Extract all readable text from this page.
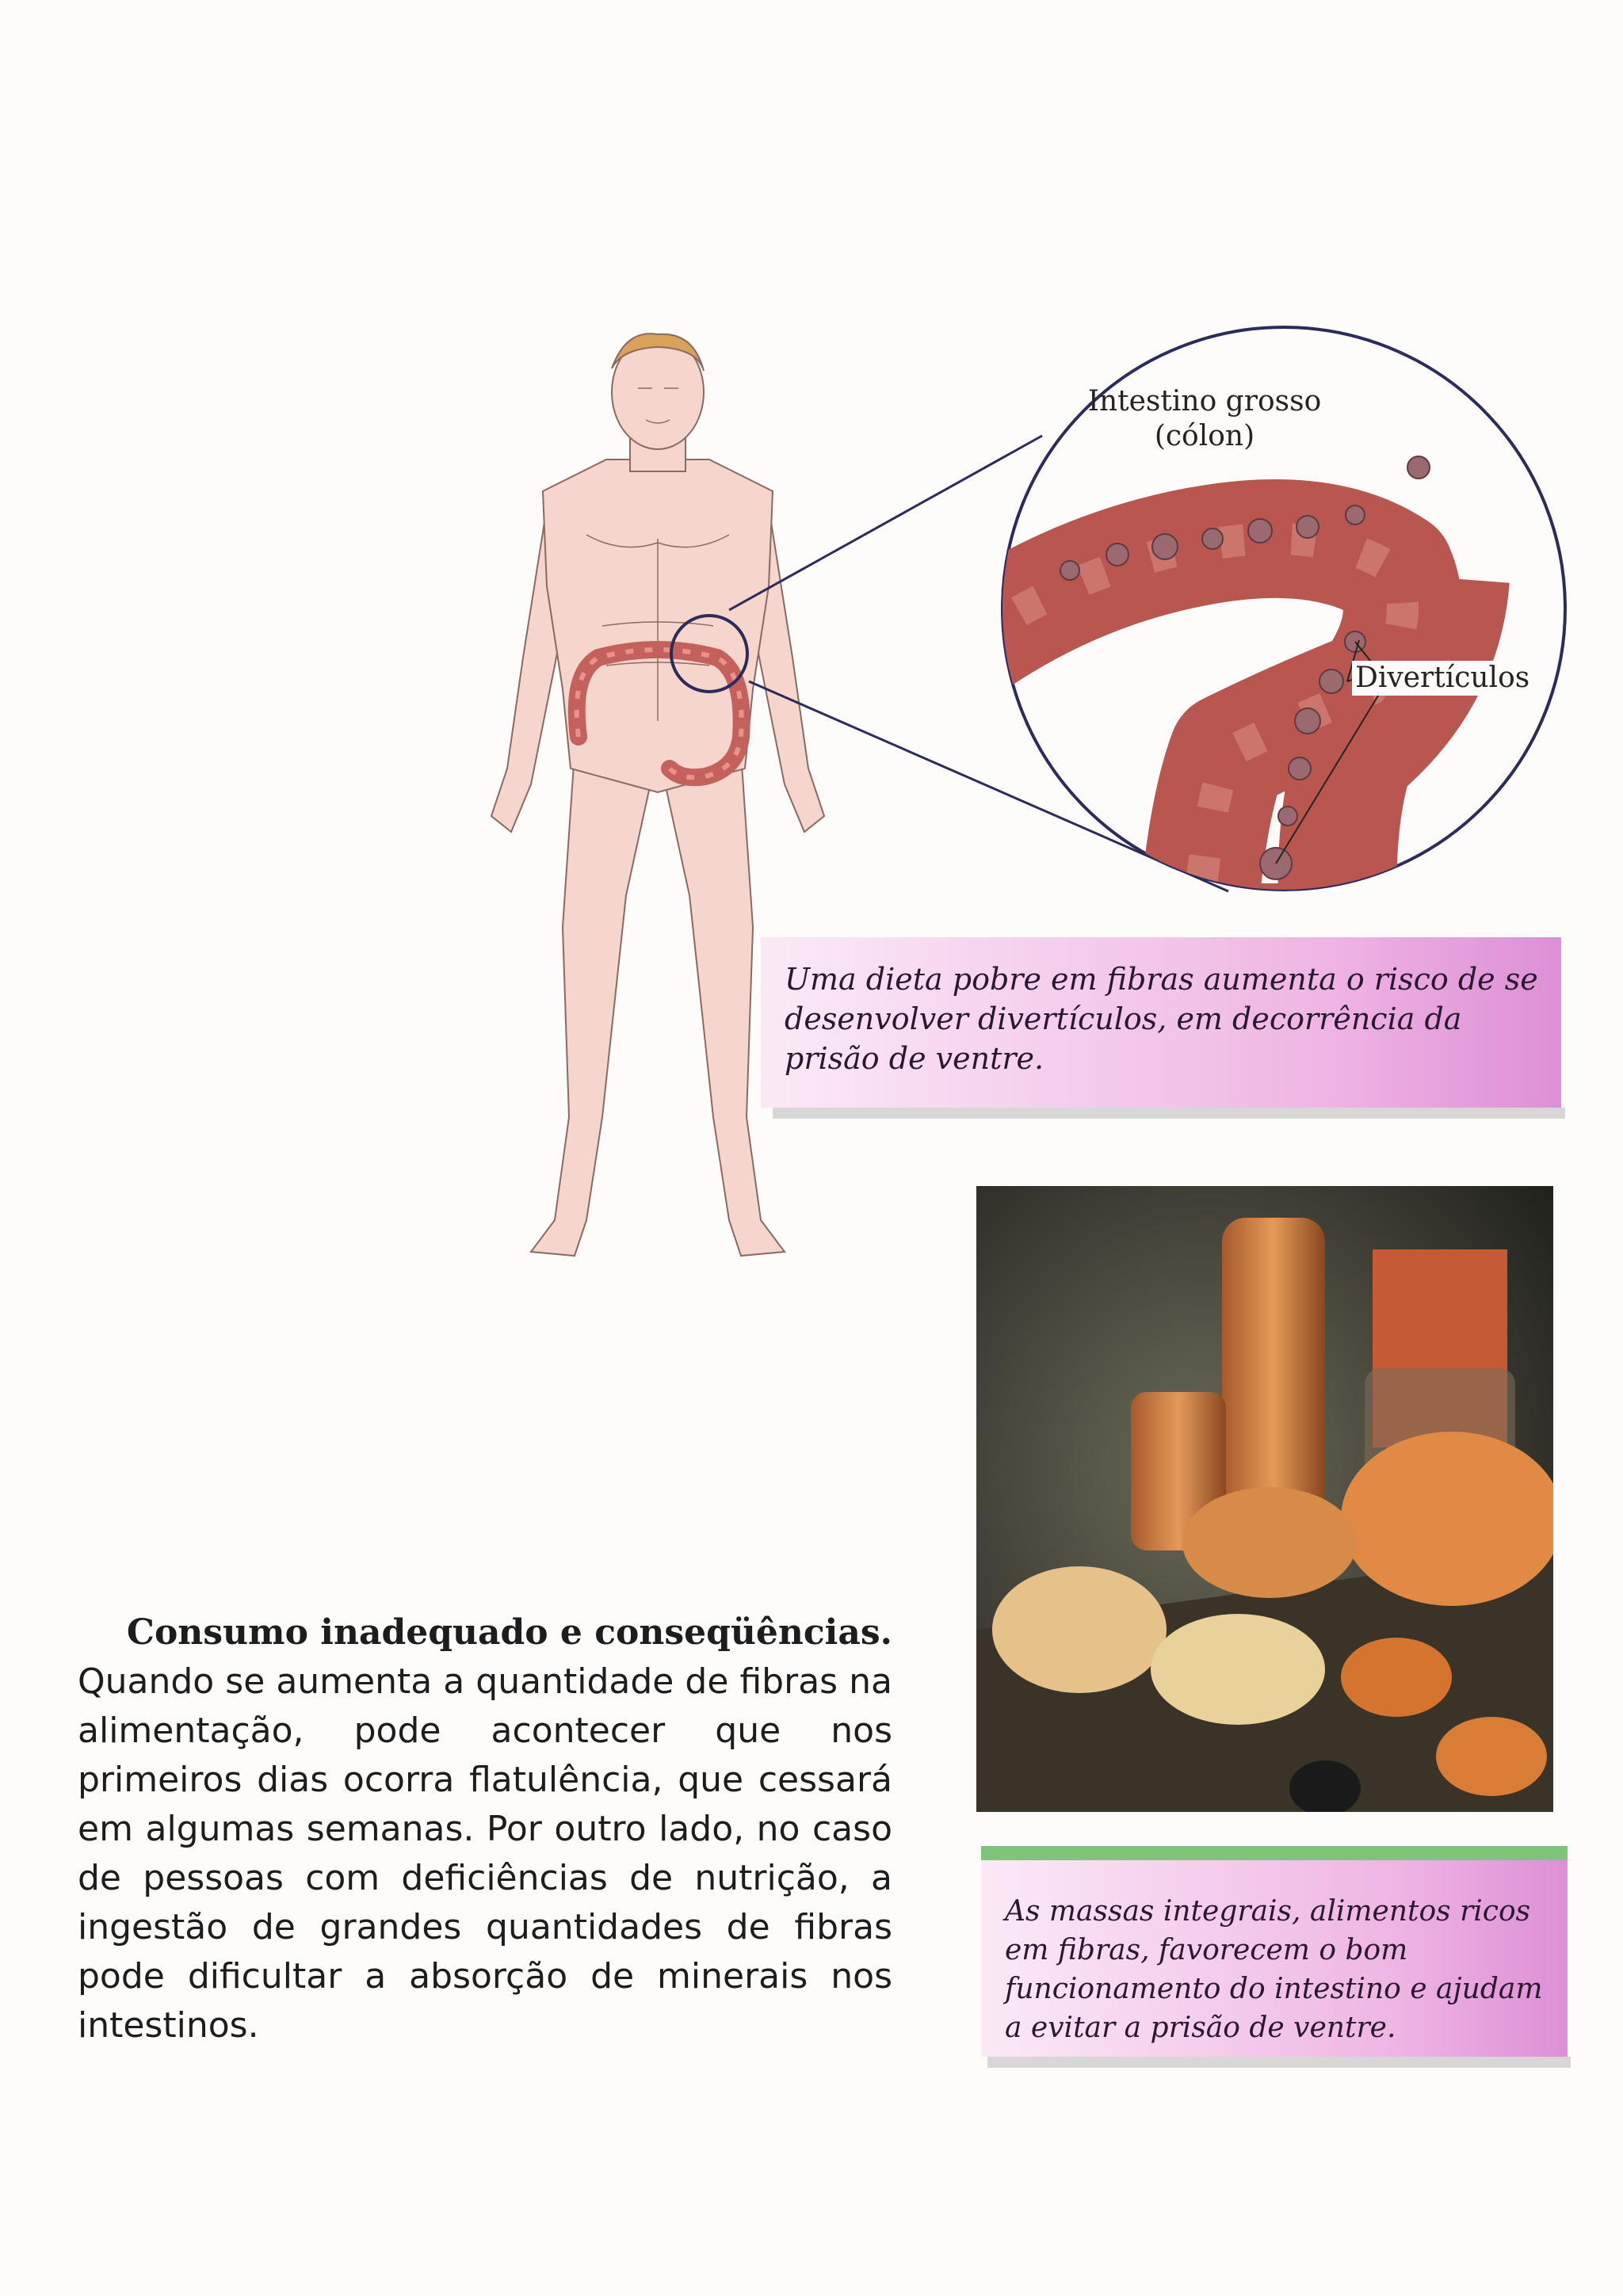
Intestino grosso
(cólon)
Divertículos
Uma dieta pobre em fibras aumenta o risco de se desenvolver divertículos, em decorrência da prisão de ventre.
As massas integrais, alimentos ricos em fibras, favorecem o bom funcionamento do intestino e ajudam a evitar a prisão de ventre.
Consumo inadequado e conseqüências.
Quando se aumenta a quantidade de fibras na alimentação, pode acontecer que nos primeiros dias ocorra flatulência, que cessará em algumas semanas. Por outro lado, no caso de pessoas com deficiências de nutrição, a ingestão de grandes quantidades de fibras pode dificultar a absorção de minerais nos intestinos.
